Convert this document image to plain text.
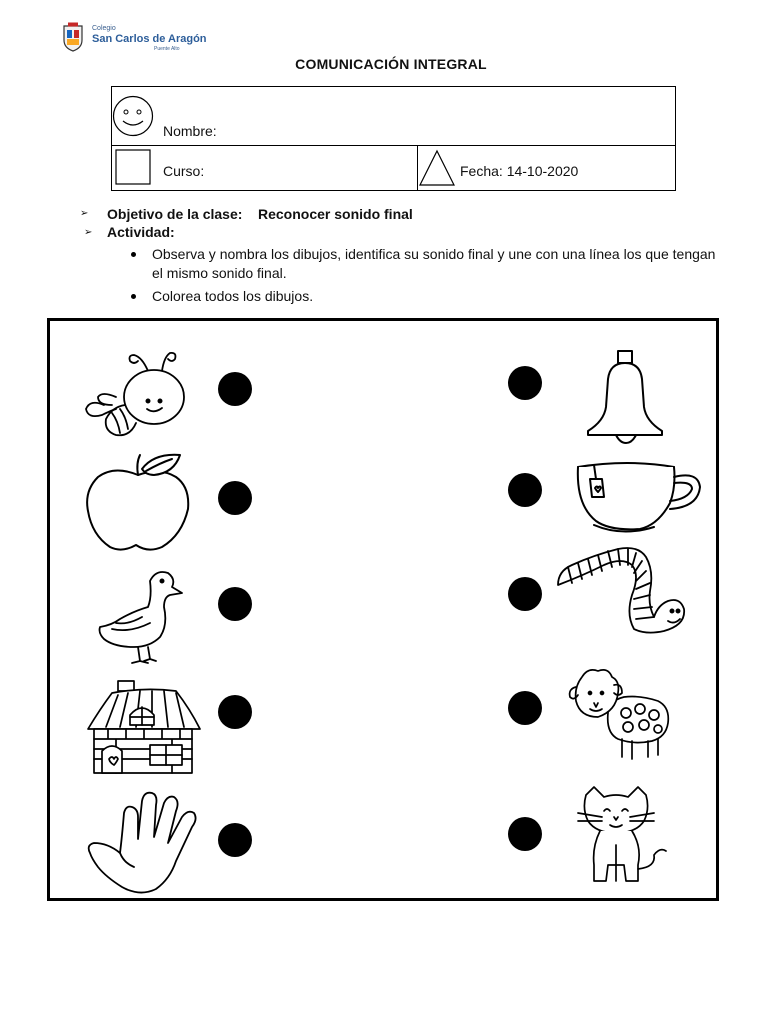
Colegio
San Carlos de Aragón
Puente Alto
COMUNICACIÓN INTEGRAL
Nombre:
Curso:	Fecha: 14-10-2020
➢ Objetivo de la clase: Reconocer sonido final
➢ Actividad:
Observa y nombra los dibujos, identifica su sonido final y une con una línea los que tengan el mismo sonido final.
Colorea todos los dibujos.
